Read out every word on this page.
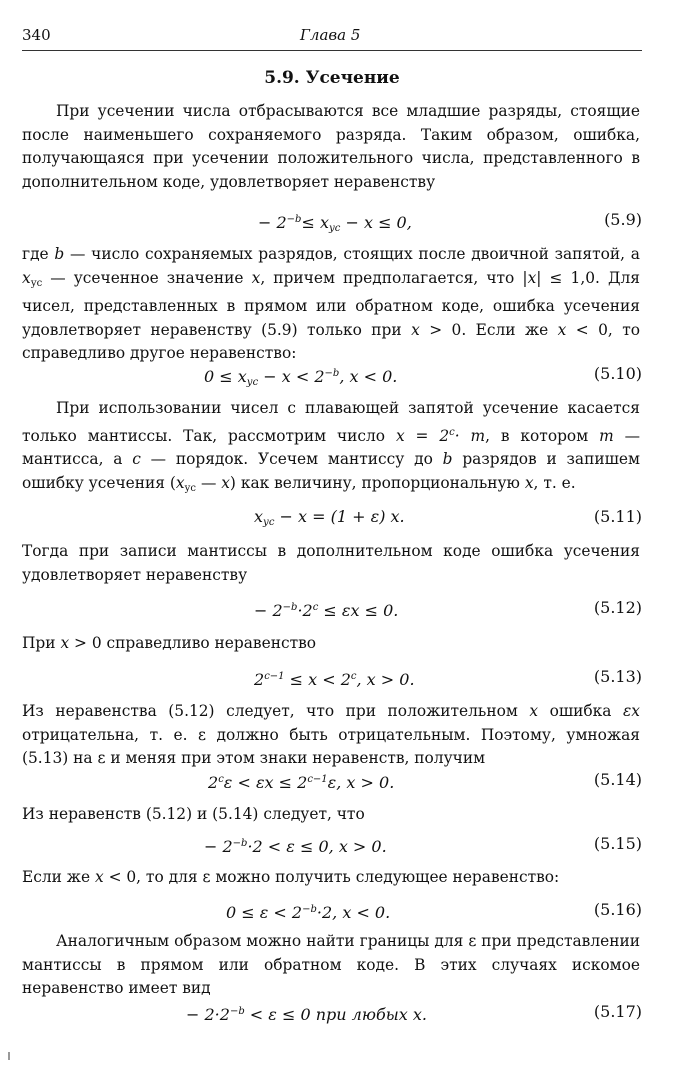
340	Глава 5
5.9. Усечение

При усечении числа отбрасываются все младшие разряды, стоящие после наименьшего сохраняемого разряда. Таким образом, ошибка, получающаяся при усечении положительного числа, представленного в дополнительном коде, удовлетворяет неравенству

− $2^{-b}\le x_{ус} - x \le 0$,	(5.9)

где b — число сохраняемых разрядов, стоящих после двоичной запятой, а $x_{ус}$ — усеченное значение x, причем предполагается, что |x| ≤ 1,0. Для чисел, представленных в прямом или обратном коде, ошибка усечения удовлетворяет неравенству (5.9) только при x > 0. Если же x < 0, то справедливо другое неравенство:

$0 \le x_{ус} - x < 2^{-b}$, x < 0.	(5.10)

При использовании чисел с плавающей запятой усечение касается только мантиссы. Так, рассмотрим число $x = 2^c\cdot m$, в котором m — мантисса, а c — порядок. Усечем мантиссу до b разрядов и запишем ошибку усечения ($x_{ус}$ — x) как величину, пропорциональную x, т. е.

$x_{ус} - x = (1 + \varepsilon)$ x.	(5.11)

Тогда при записи мантиссы в дополнительном коде ошибка усечения удовлетворяет неравенству

− $2^{-b}\cdot 2^c \le \varepsilon x \le 0$.	(5.12)

При x > 0 справедливо неравенство

$2^{c-1} \le x < 2^c$, x > 0.	(5.13)

Из неравенства (5.12) следует, что при положительном x ошибка εx отрицательна, т. е. ε должно быть отрицательным. Поэтому, умножая (5.13) на ε и меняя при этом знаки неравенств, получим

$2^c\varepsilon < \varepsilon x \le 2^{c-1}\varepsilon$, x > 0.	(5.14)

Из неравенств (5.12) и (5.14) следует, что

− $2^{-b}\cdot 2 < \varepsilon \le 0$, x > 0.	(5.15)

Если же x < 0, то для ε можно получить следующее неравенство:

$0 \le \varepsilon < 2^{-b}\cdot 2$, x < 0.	(5.16)

Аналогичным образом можно найти границы для ε при представлении мантиссы в прямом или обратном коде. В этих случаях искомое неравенство имеет вид

− $2\cdot 2^{-b} < \varepsilon \le 0$ при любых x.	(5.17)
